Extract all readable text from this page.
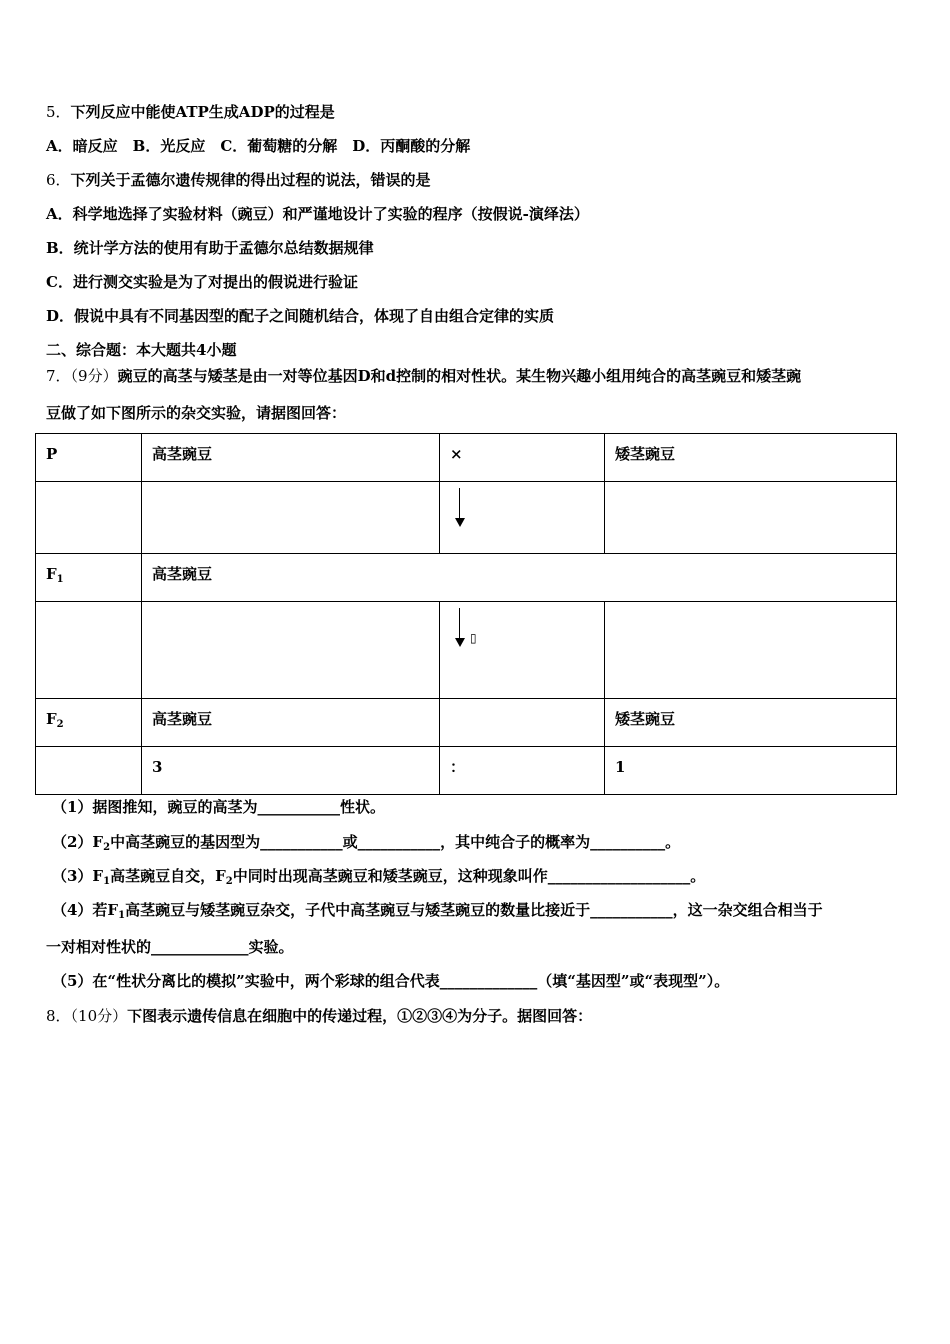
5．下列反应中能使ATP生成ADP的过程是
A．暗反应　B．光反应　C．葡萄糖的分解　D．丙酮酸的分解
6．下列关于孟德尔遗传规律的得出过程的说法，错误的是
A．科学地选择了实验材料（豌豆）和严谨地设计了实验的程序（按假说-演绎法）
B．统计学方法的使用有助于孟德尔总结数据规律
C．进行测交实验是为了对提出的假说进行验证
D．假说中具有不同基因型的配子之间随机结合，体现了自由组合定律的实质
二、综合题：本大题共4小题
7．（9分）豌豆的高茎与矮茎是由一对等位基因D和d控制的相对性状。某生物兴趣小组用纯合的高茎豌豆和矮茎豌
豆做了如下图所示的杂交实验，请据图回答：
P	高茎豌豆	×	矮茎豌豆

$F_1$	高茎豌豆		

		▯	

$F_2$	高茎豌豆		矮茎豌豆
	3	：	1
（1）据图推知，豌豆的高茎为___________性状。
$(2)F_2$中高茎豌豆的基因型为___________或___________，其中纯合子的概率为__________。
$(3)F_1$高茎豌豆自交，$F_2$中同时出现高茎豌豆和矮茎豌豆，这种现象叫作___________________。
（4）若$F_1$高茎豌豆与矮茎豌豆杂交，子代中高茎豌豆与矮茎豌豆的数量比接近于___________，这一杂交组合相当于
一对相对性状的_____________实验。
（5）在“性状分离比的模拟”实验中，两个彩球的组合代表_____________（填“基因型”或“表现型”）。
8．（10分）下图表示遗传信息在细胞中的传递过程，①②③④为分子。据图回答：
